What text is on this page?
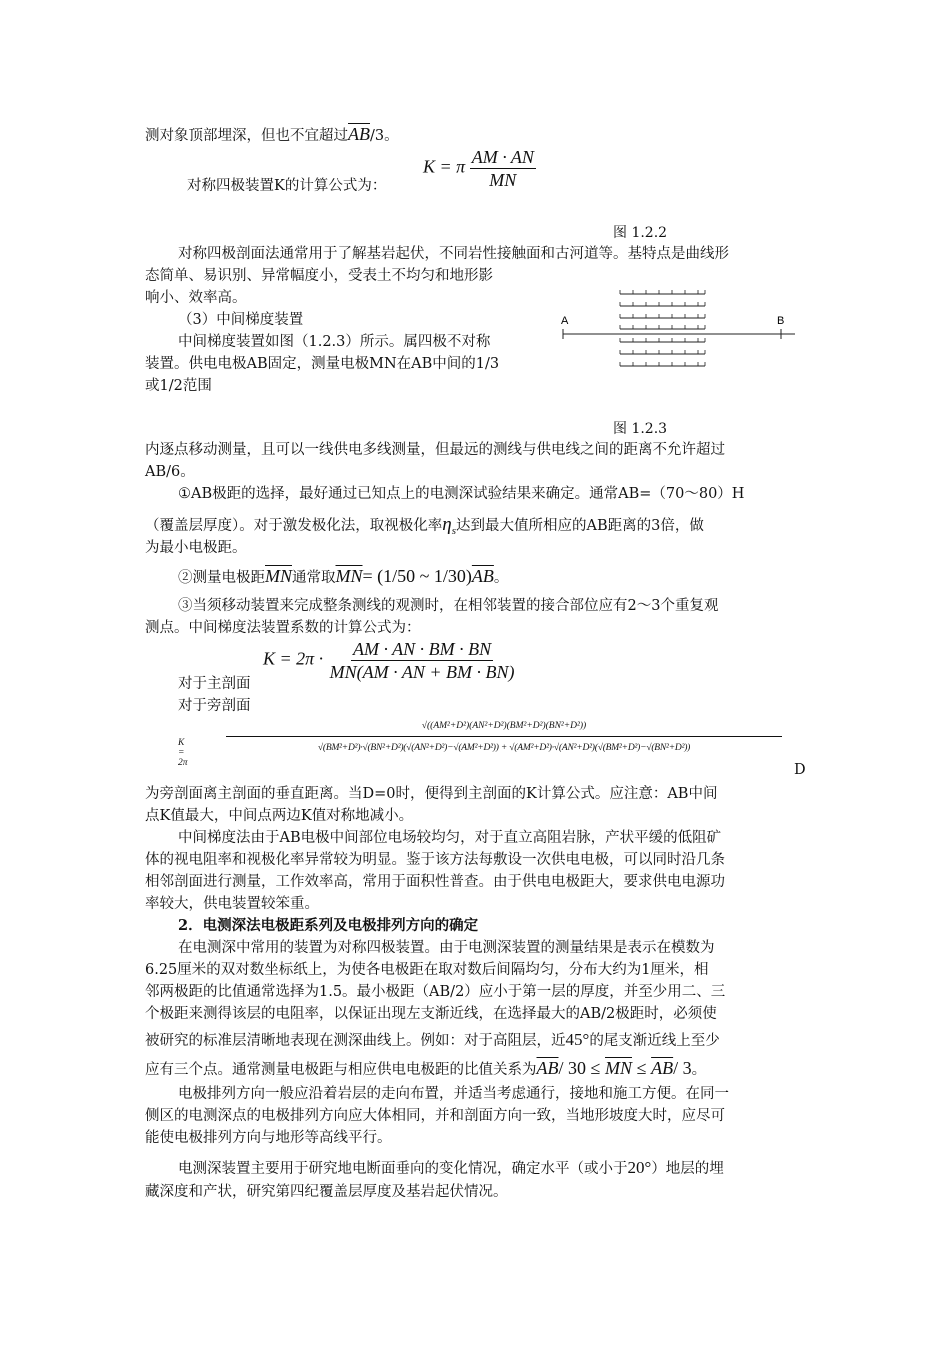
测对象顶部埋深，但也不宜超过$\overline{AB}/3$。
K = π $\frac{AM \cdot AN}{MN}$
对称四极装置K的计算公式为：
图 1.2.2
对称四极剖面法通常用于了解基岩起伏，不同岩性接触面和古河道等。基特点是曲线形
态简单、易识别、异常幅度小，受表土不均匀和地形影
响小、效率高。
（3）中间梯度装置
中间梯度装置如图（1.2.3）所示。属四极不对称
装置。供电电极AB固定，测量电极MN在AB中间的1/3
或1/2范围
A	B
图 1.2.3
内逐点移动测量，且可以一线供电多线测量，但最远的测线与供电线之间的距离不允许超过
AB/6。
①AB极距的选择，最好通过已知点上的电测深试验结果来确定。通常AB=（70～80）H
（覆盖层厚度）。对于激发极化法，取视极化率$\eta_s$达到最大值所相应的AB距离的3倍，做
为最小电极距。
②测量电极距$\overline{MN}$通常取$\overline{MN}= (1/50$ ~ $1/30)\overline{AB}$。
③当须移动装置来完成整条测线的观测时，在相邻装置的接合部位应有2～3个重复观
测点。中间梯度法装置系数的计算公式为：
$K = 2\pi \cdot \frac{AM \cdot AN \cdot BM \cdot BN}{MN(AM \cdot AN + BM \cdot BN)}$
对于主剖面
对于旁剖面
K = 2π
√((AM²+D²)(AN²+D²)(BM²+D²)(BN²+D²))
√(BM²+D²)·√(BN²+D²)(√(AN²+D²)−√(AM²+D²)) + √(AM²+D²)·√(AN²+D²)(√(BM²+D²)−√(BN²+D²))
D
为旁剖面离主剖面的垂直距离。当D=0时，便得到主剖面的K计算公式。应注意：AB中间
点K值最大，中间点两边K值对称地减小。
中间梯度法由于AB电极中间部位电场较均匀，对于直立高阻岩脉，产状平缓的低阻矿
体的视电阻率和视极化率异常较为明显。鉴于该方法每敷设一次供电电极，可以同时沿几条
相邻剖面进行测量，工作效率高，常用于面积性普查。由于供电电极距大，要求供电电源功
率较大，供电装置较笨重。
2．电测深法电极距系列及电极排列方向的确定
在电测深中常用的装置为对称四极装置。由于电测深装置的测量结果是表示在模数为
6.25厘米的双对数坐标纸上，为使各电极距在取对数后间隔均匀，分布大约为1厘米，相
邻两极距的比值通常选择为1.5。最小极距（AB/2）应小于第一层的厚度，并至少用二、三
个极距来测得该层的电阻率，以保证出现左支渐近线，在选择最大的AB/2极距时，必须使
被研究的标准层清晰地表现在测深曲线上。例如：对于高阻层，近45°的尾支渐近线上至少
应有三个点。通常测量电极距与相应供电电极距的比值关系为$\overline{AB}/$ $30 \le \overline{MN} \le \overline{AB}/$ 3。
电极排列方向一般应沿着岩层的走向布置，并适当考虑通行，接地和施工方便。在同一
侧区的电测深点的电极排列方向应大体相同，并和剖面方向一致，当地形坡度大时，应尽可
能使电极排列方向与地形等高线平行。
电测深装置主要用于研究地电断面垂向的变化情况，确定水平（或小于20°）地层的埋
藏深度和产状，研究第四纪覆盖层厚度及基岩起伏情况。
